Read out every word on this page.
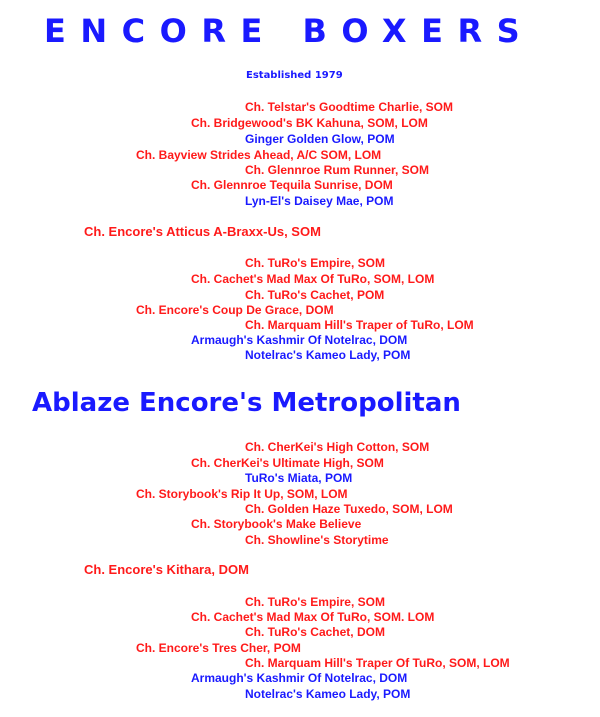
ENCORE BOXERS
Established 1979
Ch. Telstar's Goodtime Charlie, SOM
Ch. Bridgewood's BK Kahuna, SOM, LOM
Ginger Golden Glow, POM
Ch. Bayview Strides Ahead, A/C SOM, LOM
Ch. Glennroe Rum Runner, SOM
Ch. Glennroe Tequila Sunrise, DOM
Lyn-El's Daisey Mae, POM
Ch. Encore's Atticus A-Braxx-Us, SOM
Ch. TuRo's Empire, SOM
Ch. Cachet's Mad Max Of TuRo, SOM, LOM
Ch. TuRo's Cachet, POM
Ch. Encore's Coup De Grace, DOM
Ch. Marquam Hill's Traper of TuRo, LOM
Armaugh's Kashmir Of Notelrac, DOM
Notelrac's Kameo Lady, POM
Ablaze Encore's Metropolitan
Ch. CherKei's High Cotton, SOM
Ch. CherKei's Ultimate High, SOM
TuRo's Miata, POM
Ch. Storybook's Rip It Up, SOM, LOM
Ch. Golden Haze Tuxedo, SOM, LOM
Ch. Storybook's Make Believe
Ch. Showline's Storytime
Ch. Encore's Kithara, DOM
Ch. TuRo's Empire, SOM
Ch. Cachet's Mad Max Of TuRo, SOM. LOM
Ch. TuRo's Cachet, DOM
Ch. Encore's Tres Cher, POM
Ch. Marquam Hill's Traper Of TuRo, SOM, LOM
Armaugh's Kashmir Of Notelrac, DOM
Notelrac's Kameo Lady, POM
